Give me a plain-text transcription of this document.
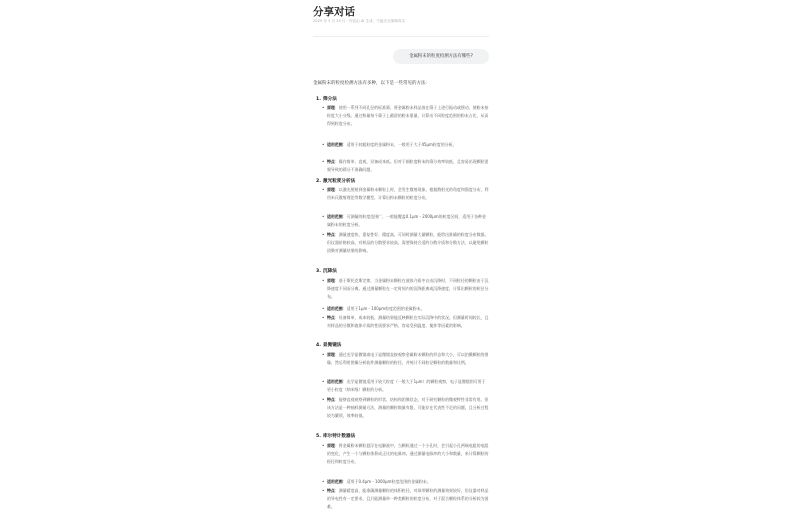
分享对话
2025 年 3 月 25 日 · 内容由 AI 生成，不能完全保障真实
金属粉末的粒度检测方法有哪些?
金属粉末的粒度检测方法有多种，以下是一些常见的方法：
1. 筛分法
• 原理：使用一系列不同孔径的标准筛，将金属粉末样品放在筛子上进行振动或摇动，使粉末按粒度大小分级。通过称量每个筛子上截留的粉末重量，计算出不同粒度范围的粉末占比，从而得到粒度分布。
• 适用范围：适用于较粗粒度的金属粉末，一般用于大于45μm粒度的分析。
• 特点：操作简单、直观，设备成本低。但对于细粒度粉末的筛分效率较低，且容易出现颗粒团聚导致的筛分不准确问题。
2. 激光粒度分析法
• 原理：以激光照射到金属粉末颗粒上时，会发生散射现象。根据散射光的角度和强度分布，利用米氏散射理论等数学模型，计算出粉末颗粒的粒度分布。
• 适用范围：可测量的粒度范围广，一般能覆盖0.1μm - 2000μm的粒度区间，适用于各种金属粉末的粒度分析。
• 特点：测量速度快、重复性好、精度高，可同时测量大量颗粒，能给出准确的粒度分布数据。但仪器价格较高，对样品的分散要求较高，需要保持合适的分散介质和分散方法，以避免颗粒团聚对测量结果的影响。
3. 沉降法
• 原理：基于斯托克斯定律，当金属粉末颗粒在液体介质中自由沉降时，不同粒径的颗粒由于沉降速度不同而分离。通过测量颗粒在一定时间内的沉降距离或沉降速度，计算出颗粒的粒径分布。
• 适用范围：适用于1μm - 100μm粒度范围的金属粉末。
• 特点：设备简单，成本较低，测量结果能反映颗粒在实际沉降中的状况。但测量时间较长，且对样品的分散和液体介质的性质要求严格，容易受到温度、搅拌等因素的影响。
4. 显微镜法
• 原理：通过光学显微镜或电子显微镜直接观察金属粉末颗粒的形态和大小，可以拍摄颗粒的图像，然后利用图像分析软件测量颗粒的粒径，并统计不同粒径颗粒的数量和比例。
• 适用范围：光学显微镜适用于较大粒度（一般大于1μm）的颗粒观察，电子显微镜则可用于更小粒度（纳米级）颗粒的分析。
• 特点：能够直观观察到颗粒的形状、结构和团聚状态，对于研究颗粒的微观特性非常有用。但该方法是一种抽样测量方法，测量的颗粒数量有限，可能存在代表性不足的问题，且分析过程较为繁琐，效率较低。
5. 库尔特计数器法
• 原理：将金属粉末颗粒悬浮在电解液中，当颗粒通过一个小孔时，会引起小孔两端电阻的电阻的变化，产生一个与颗粒体积成正比的电脉冲。通过测量电脉冲的大小和数量，来计算颗粒的粒径和粒度分布。
• 适用范围：适用于0.4μm - 1000μm粒度范围的金属粉末。
• 特点：测量精度高，能准确测量颗粒的体积粒径，对球形颗粒的测量效果较好。但仪器对样品的导电性有一定要求，且只能测量单一种类颗粒的粒度分布，对于混合颗粒体系的分析较为困难。
